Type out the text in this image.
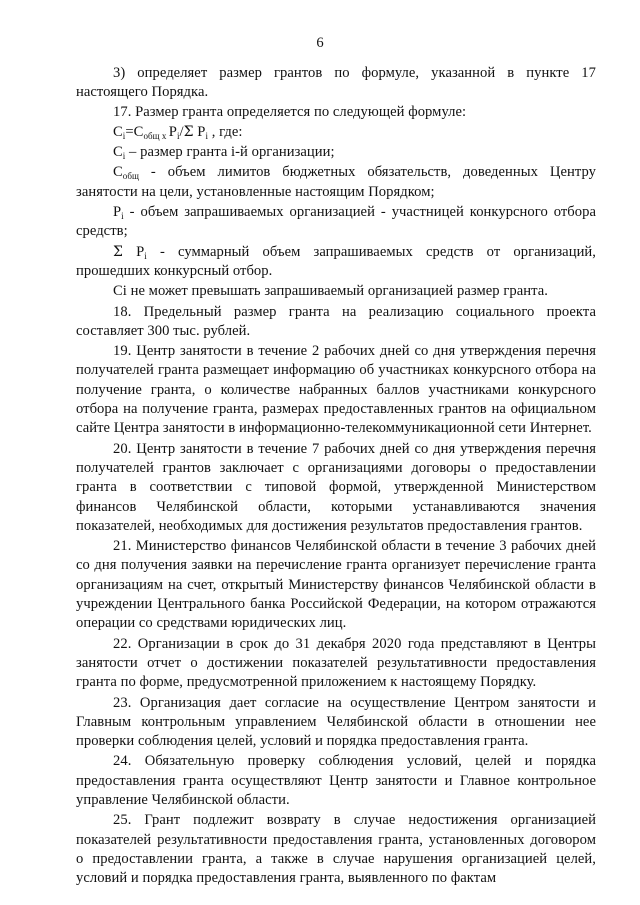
6

3) определяет размер грантов по формуле, указанной в пункте 17 настоящего Порядка.

17. Размер гранта определяется по следующей формуле:

$C_i=C_{общ}$ $_x$ $P_i/\Sigma$ $P_i$ , где:

$C_i$ – размер гранта i-й организации;

$C_{общ}$ - объем лимитов бюджетных обязательств, доведенных Центру занятости на цели, установленные настоящим Порядком;

$P_i$ - объем запрашиваемых организацией - участницей конкурсного отбора средств;

Σ $P_i$ - суммарный объем запрашиваемых средств от организаций, прошедших конкурсный отбор.

Ci не может превышать запрашиваемый организацией размер гранта.

18. Предельный размер гранта на реализацию социального проекта составляет 300 тыс. рублей.

19. Центр занятости в течение 2 рабочих дней со дня утверждения перечня получателей гранта размещает информацию об участниках конкурсного отбора на получение гранта, о количестве набранных баллов участниками конкурсного отбора на получение гранта, размерах предоставленных грантов на официальном сайте Центра занятости в информационно-телекоммуникационной сети Интернет.

20. Центр занятости в течение 7 рабочих дней со дня утверждения перечня получателей грантов заключает с организациями договоры о предоставлении гранта в соответствии с типовой формой, утвержденной Министерством финансов Челябинской области, которыми устанавливаются значения показателей, необходимых для достижения результатов предоставления грантов.

21. Министерство финансов Челябинской области в течение 3 рабочих дней со дня получения заявки на перечисление гранта организует перечисление гранта организациям на счет, открытый Министерству финансов Челябинской области в учреждении Центрального банка Российской Федерации, на котором отражаются операции со средствами юридических лиц.

22. Организации в срок до 31 декабря 2020 года представляют в Центры занятости отчет о достижении показателей результативности предоставления гранта по форме, предусмотренной приложением к настоящему Порядку.

23. Организация дает согласие на осуществление Центром занятости и Главным контрольным управлением Челябинской области в отношении нее проверки соблюдения целей, условий и порядка предоставления гранта.

24. Обязательную проверку соблюдения условий, целей и порядка предоставления гранта осуществляют Центр занятости и Главное контрольное управление Челябинской области.

25. Грант подлежит возврату в случае недостижения организацией показателей результативности предоставления гранта, установленных договором о предоставлении гранта, а также в случае нарушения организацией целей, условий и порядка предоставления гранта, выявленного по фактам
